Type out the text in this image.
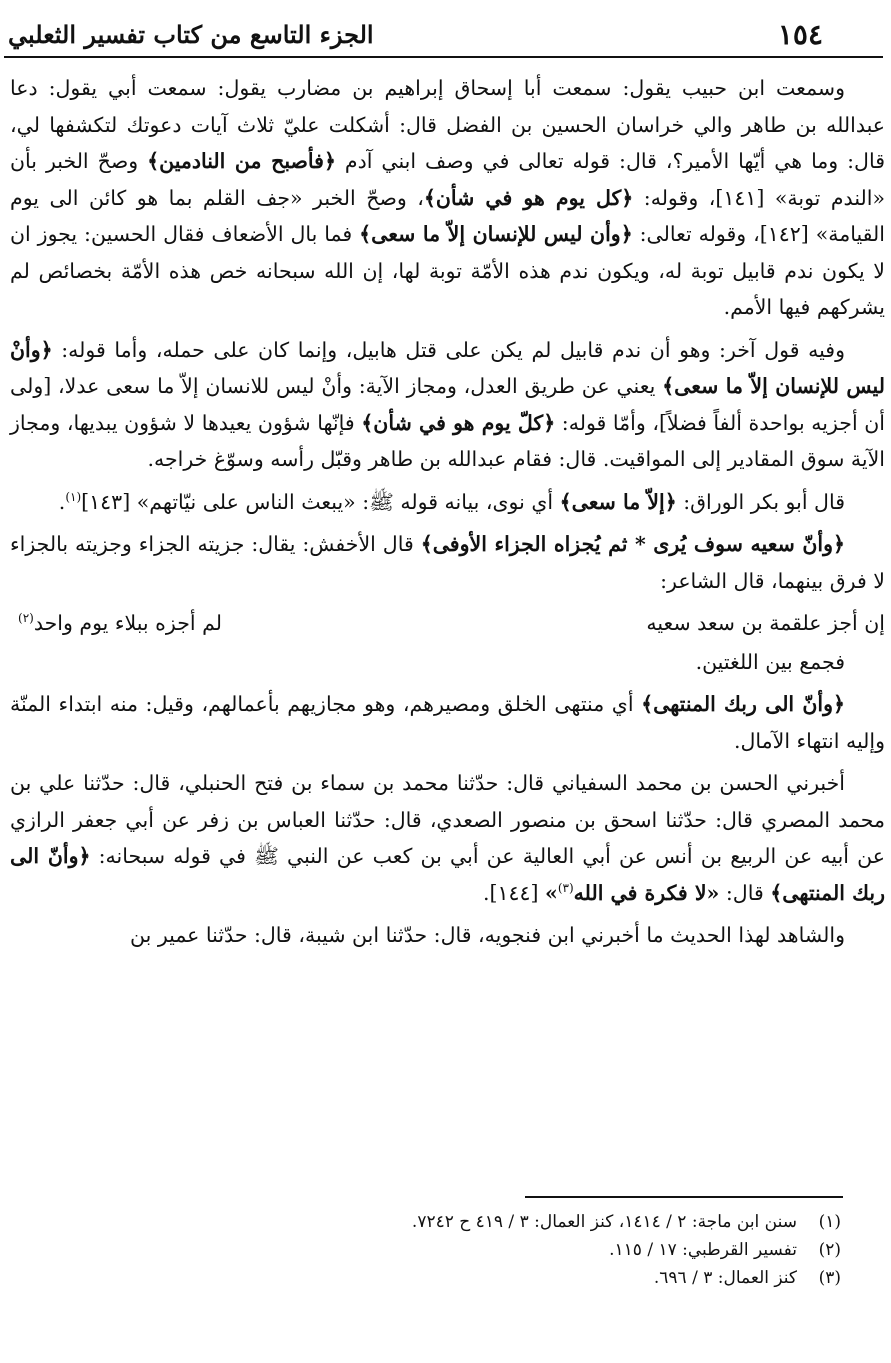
١٥٤
الجزء التاسع من كتاب تفسير الثعلبي

وسمعت ابن حبيب يقول: سمعت أبا إسحاق إبراهيم بن مضارب يقول: سمعت أبي يقول: دعا عبدالله بن طاهر والي خراسان الحسين بن الفضل قال: أشكلت عليّ ثلاث آيات دعوتك لتكشفها لي، قال: وما هي أيّها الأمير؟، قال: قوله تعالى في وصف ابني آدم ﴿فأصبح من النادمين﴾ وصحّ الخبر بأن «الندم توبة» [١٤١]، وقوله: ﴿كل يوم هو في شأن﴾، وصحّ الخبر «جف القلم بما هو كائن الى يوم القيامة» [١٤٢]، وقوله تعالى: ﴿وأن ليس للإنسان إلاّ ما سعى﴾ فما بال الأضعاف فقال الحسين: يجوز ان لا يكون ندم قابيل توبة له، ويكون ندم هذه الأمّة توبة لها، إن الله سبحانه خص هذه الأمّة بخصائص لم يشركهم فيها الأمم.

وفيه قول آخر: وهو أن ندم قابيل لم يكن على قتل هابيل، وإنما كان على حمله، وأما قوله: ﴿وأنْ ليس للإنسان إلاّ ما سعى﴾ يعني عن طريق العدل، ومجاز الآية: وأنْ ليس للانسان إلاّ ما سعى عدلا، [ولى أن أجزيه بواحدة ألفاً فضلاً]، وأمّا قوله: ﴿كلّ يوم هو في شأن﴾ فإنّها شؤون يعيدها لا شؤون يبديها، ومجاز الآية سوق المقادير إلى المواقيت. قال: فقام عبدالله بن طاهر وقبّل رأسه وسوّغ خراجه.

قال أبو بكر الوراق: ﴿إلاّ ما سعى﴾ أي نوى، بيانه قوله ﷺ: «يبعث الناس على نيّاتهم» [١٤٣]$^{(١)}$.

﴿وأنّ سعيه سوف يُرى * ثم يُجزاه الجزاء الأوفى﴾ قال الأخفش: يقال: جزيته الجزاء وجزيته بالجزاء لا فرق بينهما، قال الشاعر:

إن أجز علقمة بن سعد سعيه
لم أجزه ببلاء يوم واحد$^{(٢)}$

فجمع بين اللغتين.

﴿وأنّ الى ربك المنتهى﴾ أي منتهى الخلق ومصيرهم، وهو مجازيهم بأعمالهم، وقيل: منه ابتداء المنّة وإليه انتهاء الآمال.

أخبرني الحسن بن محمد السفياني قال: حدّثنا محمد بن سماء بن فتح الحنبلي، قال: حدّثنا علي بن محمد المصري قال: حدّثنا اسحق بن منصور الصعدي، قال: حدّثنا العباس بن زفر عن أبي جعفر الرازي عن أبيه عن الربيع بن أنس عن أبي العالية عن أبي بن كعب عن النبي ﷺ في قوله سبحانه: ﴿وأنّ الى ربك المنتهى﴾ قال: «لا فكرة في الله$^{(٣)}$» [١٤٤].

والشاهد لهذا الحديث ما أخبرني ابن فنجويه، قال: حدّثنا ابن شيبة، قال: حدّثنا عمير بن

(١)سنن ابن ماجة: ٢ / ١٤١٤، كنز العمال: ٣ / ٤١٩ ح ٧٢٤٢.
(٢)تفسير القرطبي: ١٧ / ١١٥.
(٣)كنز العمال: ٣ / ٦٩٦.
